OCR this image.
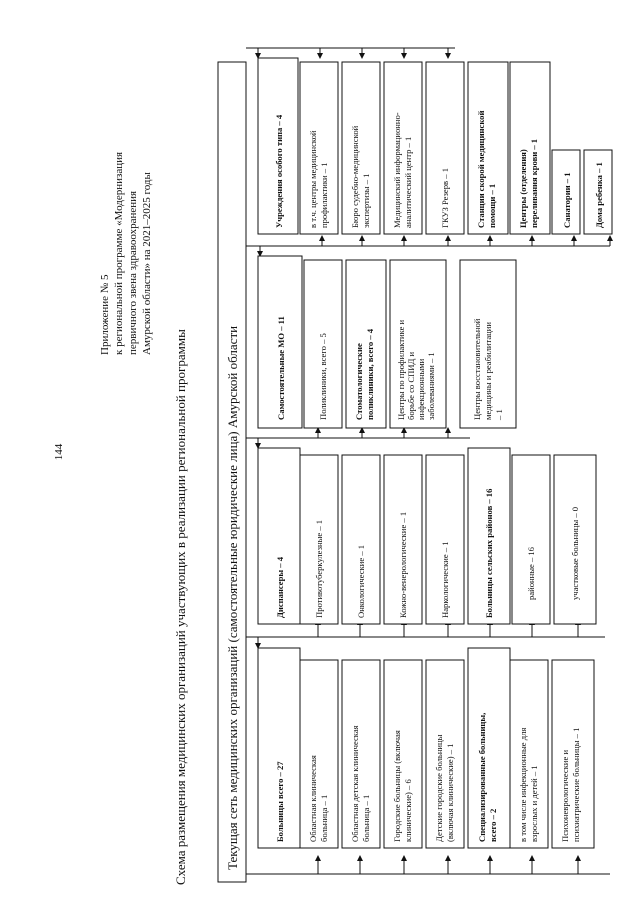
144
Приложение № 5 к региональной программе «Модернизация первичного звена здравоохранения Амурской области» на 2021–2025 годы
Схема размещения медицинских организаций участвующих в реализации региональной программы	Текущая сеть медицинских организаций (самостоятельные юридические лица) Амурской области	Больницы всего – 27	Областная клиническаябольница – 1 Областная детская клиническаябольница – 1 Городские больницы (включаяклинические) – 6 Детские городские больницы(включая клинические) – 1	Специализированные больницы,всего – 2 в том числе инфекционные длявзрослых и детей – 1 Психоневрологические ипсихиатрические больницы – 1
Диспансеры – 4	Противотуберкулезные – 1	Онкологические – 1	Кожно-венерологические – 1	Наркологические – 1	Больницы сельских районов – 16	районные – 16	участковые больницы – 0
Самостоятельные МО – 11	Поликлиники, всего – 5	Стоматологическиеполиклиники, всего – 4 Центры по профилактике иборьбе со СПИД иинфекционнымизаболеваниями – 1	Центры восстановительноймедицины и реабилитации– 1
Учреждения особого типа – 4	в т.ч. центры медицинскойпрофилактики – 1 Бюро судебно-медицинскойэкспертизы – 1 Медицинский информационно-аналитический центр – 1	ГКУЗ Резерв – 1	Станции скорой медицинскойпомощи – 1 Центры (отделения)переливания крови – 1	Санатории – 1	Дома ребенка – 1
